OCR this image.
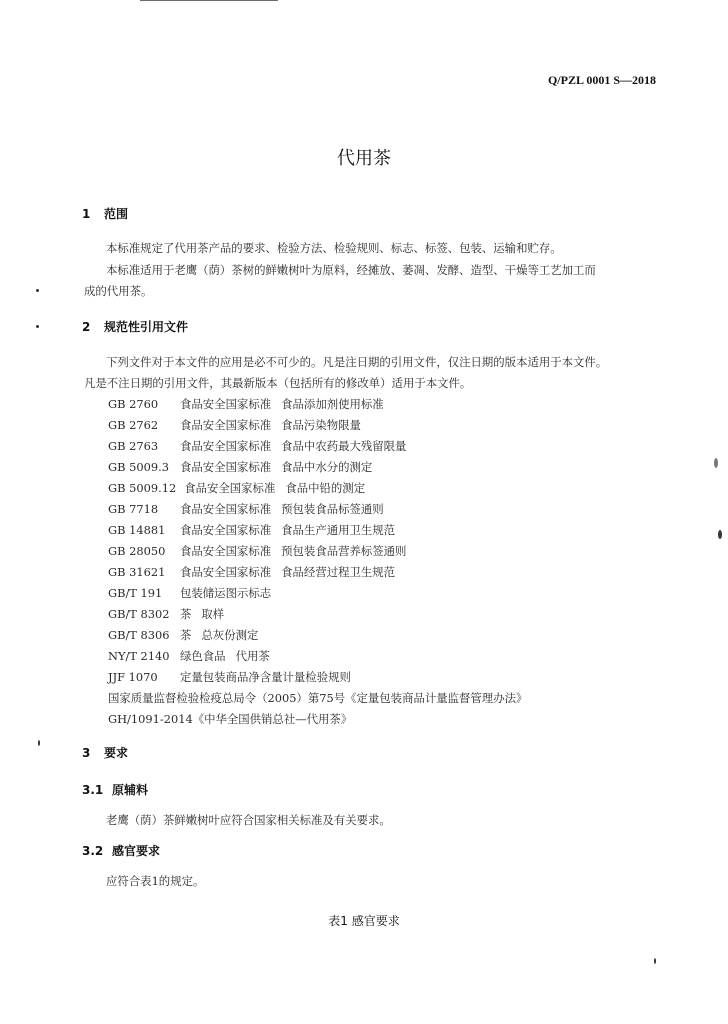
Q/PZL 0001 S—2018
代用茶
1 范围
本标准规定了代用茶产品的要求、检验方法、检验规则、标志、标签、包装、运输和贮存。
本标准适用于老鹰（荫）茶树的鲜嫩树叶为原料，经摊放、萎凋、发酵、造型、干燥等工艺加工而
成的代用茶。
2 规范性引用文件
下列文件对于本文件的应用是必不可少的。凡是注日期的引用文件，仅注日期的版本适用于本文件。
凡是不注日期的引用文件，其最新版本（包括所有的修改单）适用于本文件。
GB 2760 食品安全国家标准 食品添加剂使用标准
GB 2762 食品安全国家标准 食品污染物限量
GB 2763 食品安全国家标准 食品中农药最大残留限量
GB 5009.3 食品安全国家标准 食品中水分的测定
GB 5009.12 食品安全国家标准 食品中铅的测定
GB 7718 食品安全国家标准 预包装食品标签通则
GB 14881 食品安全国家标准 食品生产通用卫生规范
GB 28050 食品安全国家标准 预包装食品营养标签通则
GB 31621 食品安全国家标准 食品经营过程卫生规范
GB/T 191 包装储运图示标志
GB/T 8302 茶 取样
GB/T 8306 茶 总灰份测定
NY/T 2140 绿色食品 代用茶
JJF 1070 定量包装商品净含量计量检验规则
国家质量监督检验检疫总局令（2005）第75号《定量包装商品计量监督管理办法》
GH/1091-2014《中华全国供销总社—代用茶》
3 要求
3.1 原辅料
老鹰（荫）茶鲜嫩树叶应符合国家相关标准及有关要求。
3.2 感官要求
应符合表1的规定。
表1 感官要求
